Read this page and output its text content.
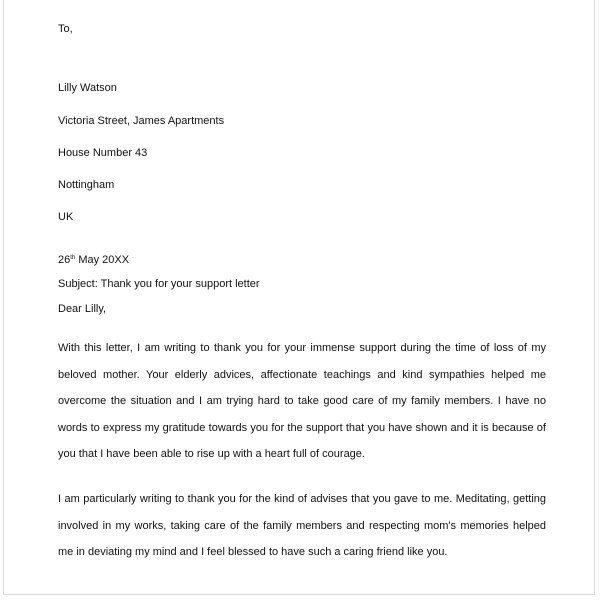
To,
Lilly Watson
Victoria Street, James Apartments
House Number 43
Nottingham
UK
26th May 20XX
Subject: Thank you for your support letter
Dear Lilly,
With this letter, I am writing to thank you for your immense support during the time of loss of my beloved mother. Your elderly advices, affectionate teachings and kind sympathies helped me overcome the situation and I am trying hard to take good care of my family members. I have no words to express my gratitude towards you for the support that you have shown and it is because of you that I have been able to rise up with a heart full of courage.
I am particularly writing to thank you for the kind of advises that you gave to me. Meditating, getting involved in my works, taking care of the family members and respecting mom's memories helped me in deviating my mind and I feel blessed to have such a caring friend like you.
